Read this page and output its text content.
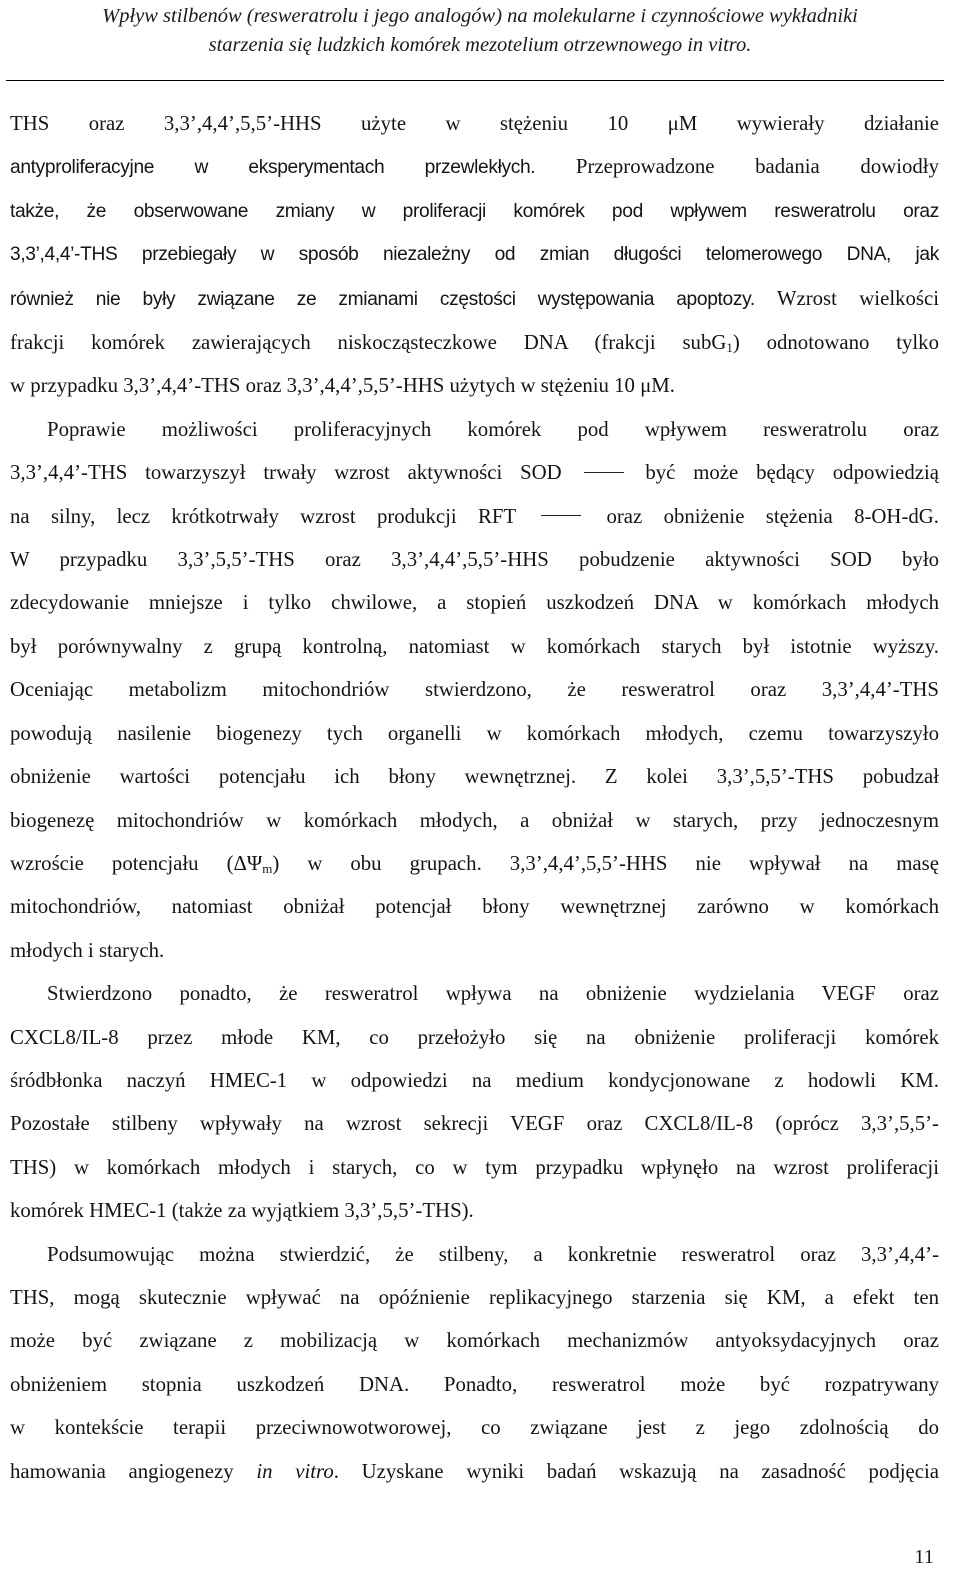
Wpływ stilbenów (resweratrolu i jego analogów) na molekularne i czynnościowe wykładniki
starzenia się ludzkich komórek mezotelium otrzewnowego in vitro.
THS oraz 3,3’,4,4’,5,5’-HHS użyte w stężeniu 10 μM wywierały działanie
antyproliferacyjne w eksperymentach przewlekłych. Przeprowadzone badania dowiodły
także, że obserwowane zmiany w proliferacji komórek pod wpływem resweratrolu oraz
3,3’,4,4’-THS przebiegały w sposób niezależny od zmian długości telomerowego DNA, jak
również nie były związane ze zmianami częstości występowania apoptozy. Wzrost wielkości
frakcji komórek zawierających niskocząsteczkowe DNA (frakcji subG$_1$) odnotowano tylko
w przypadku 3,3’,4,4’-THS oraz 3,3’,4,4’,5,5’-HHS użytych w stężeniu 10 μM.
Poprawie możliwości proliferacyjnych komórek pod wpływem resweratrolu oraz
3,3’,4,4’-THS towarzyszył trwały wzrost aktywności SOD	być może będący odpowiedzią
na silny, lecz krótkotrwały wzrost produkcji RFT	oraz obniżenie stężenia 8-OH-dG.
W przypadku 3,3’,5,5’-THS oraz 3,3’,4,4’,5,5’-HHS pobudzenie aktywności SOD było
zdecydowanie mniejsze i tylko chwilowe, a stopień uszkodzeń DNA w komórkach młodych
był porównywalny z grupą kontrolną, natomiast w komórkach starych był istotnie wyższy.
Oceniając metabolizm mitochondriów stwierdzono, że resweratrol oraz 3,3’,4,4’-THS
powodują nasilenie biogenezy tych organelli w komórkach młodych, czemu towarzyszyło
obniżenie wartości potencjału ich błony wewnętrznej. Z kolei 3,3’,5,5’-THS pobudzał
biogenezę mitochondriów w komórkach młodych, a obniżał w starych, przy jednoczesnym
wzroście potencjału $(\Delta\Psi_m)$ w obu grupach. 3,3’,4,4’,5,5’-HHS nie wpływał na masę
mitochondriów, natomiast obniżał potencjał błony wewnętrznej zarówno w komórkach
młodych i starych.
Stwierdzono ponadto, że resweratrol wpływa na obniżenie wydzielania VEGF oraz
CXCL8/IL-8 przez młode KM, co przełożyło się na obniżenie proliferacji komórek
śródbłonka naczyń HMEC-1 w odpowiedzi na medium kondycjonowane z hodowli KM.
Pozostałe stilbeny wpływały na wzrost sekrecji VEGF oraz CXCL8/IL-8 (oprócz 3,3’,5,5’-
THS) w komórkach młodych i starych, co w tym przypadku wpłynęło na wzrost proliferacji
komórek HMEC-1 (także za wyjątkiem 3,3’,5,5’-THS).
Podsumowując można stwierdzić, że stilbeny, a konkretnie resweratrol oraz 3,3’,4,4’-
THS, mogą skutecznie wpływać na opóźnienie replikacyjnego starzenia się KM, a efekt ten
może być związane z mobilizacją w komórkach mechanizmów antyoksydacyjnych oraz
obniżeniem stopnia uszkodzeń DNA. Ponadto, resweratrol może być rozpatrywany
w kontekście terapii przeciwnowotworowej, co związane jest z jego zdolnością do
hamowania angiogenezy in vitro. Uzyskane wyniki badań wskazują na zasadność podjęcia
11
